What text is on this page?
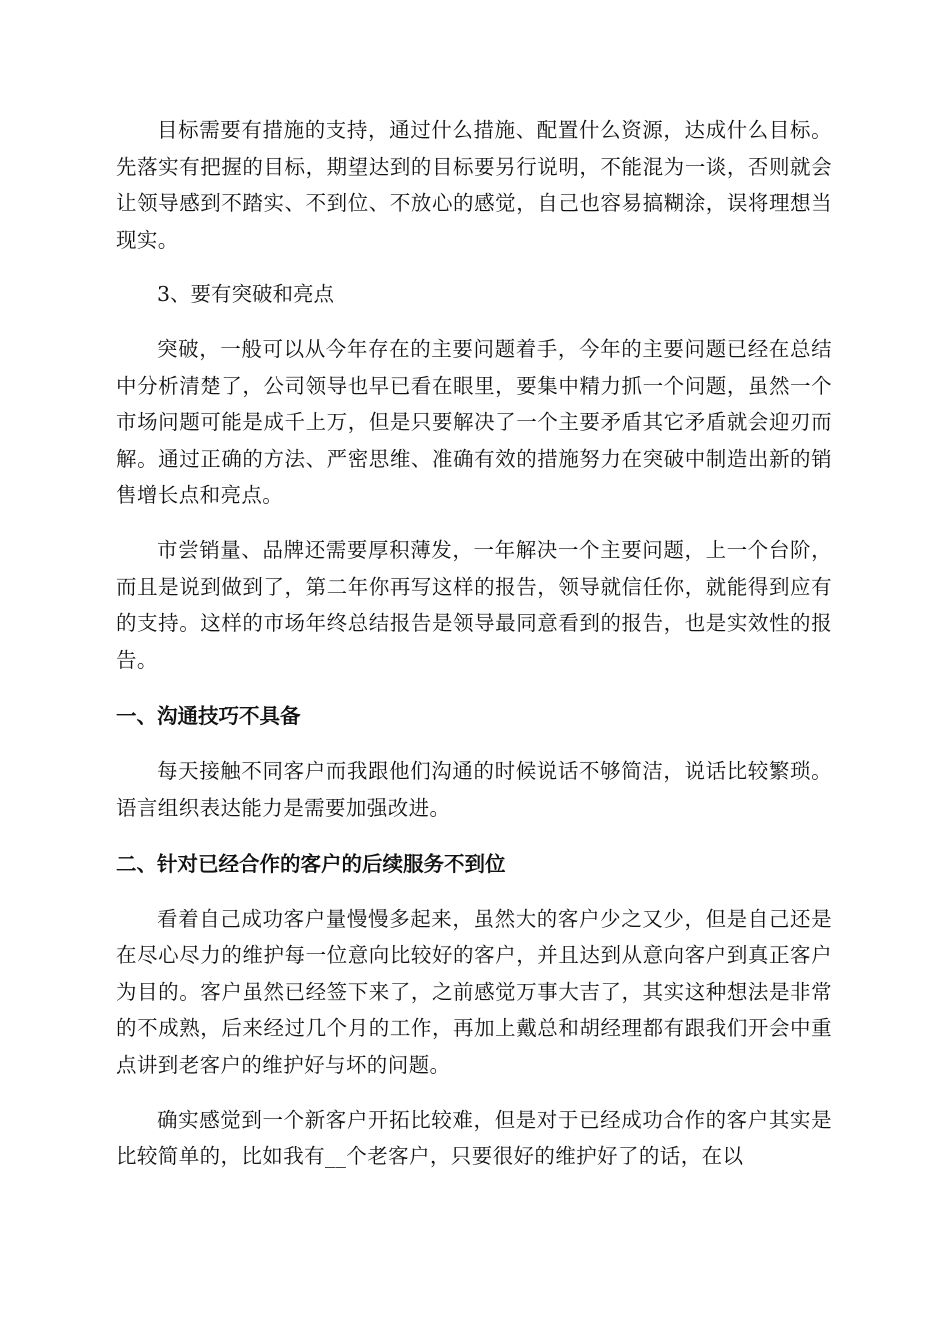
目标需要有措施的支持，通过什么措施、配置什么资源，达成什么目标。先落实有把握的目标，期望达到的目标要另行说明，不能混为一谈，否则就会让领导感到不踏实、不到位、不放心的感觉，自己也容易搞糊涂，误将理想当现实。

3、要有突破和亮点

突破，一般可以从今年存在的主要问题着手，今年的主要问题已经在总结中分析清楚了，公司领导也早已看在眼里，要集中精力抓一个问题，虽然一个市场问题可能是成千上万，但是只要解决了一个主要矛盾其它矛盾就会迎刃而解。通过正确的方法、严密思维、准确有效的措施努力在突破中制造出新的销售增长点和亮点。

市尝销量、品牌还需要厚积薄发，一年解决一个主要问题，上一个台阶，而且是说到做到了，第二年你再写这样的报告，领导就信任你，就能得到应有的支持。这样的市场年终总结报告是领导最同意看到的报告，也是实效性的报告。

一、沟通技巧不具备

每天接触不同客户而我跟他们沟通的时候说话不够简洁，说话比较繁琐。语言组织表达能力是需要加强改进。

二、针对已经合作的客户的后续服务不到位

看着自己成功客户量慢慢多起来，虽然大的客户少之又少，但是自己还是在尽心尽力的维护每一位意向比较好的客户，并且达到从意向客户到真正客户为目的。客户虽然已经签下来了，之前感觉万事大吉了，其实这种想法是非常的不成熟，后来经过几个月的工作，再加上戴总和胡经理都有跟我们开会中重点讲到老客户的维护好与坏的问题。

确实感觉到一个新客户开拓比较难，但是对于已经成功合作的客户其实是比较简单的，比如我有__个老客户，只要很好的维护好了的话，在以
